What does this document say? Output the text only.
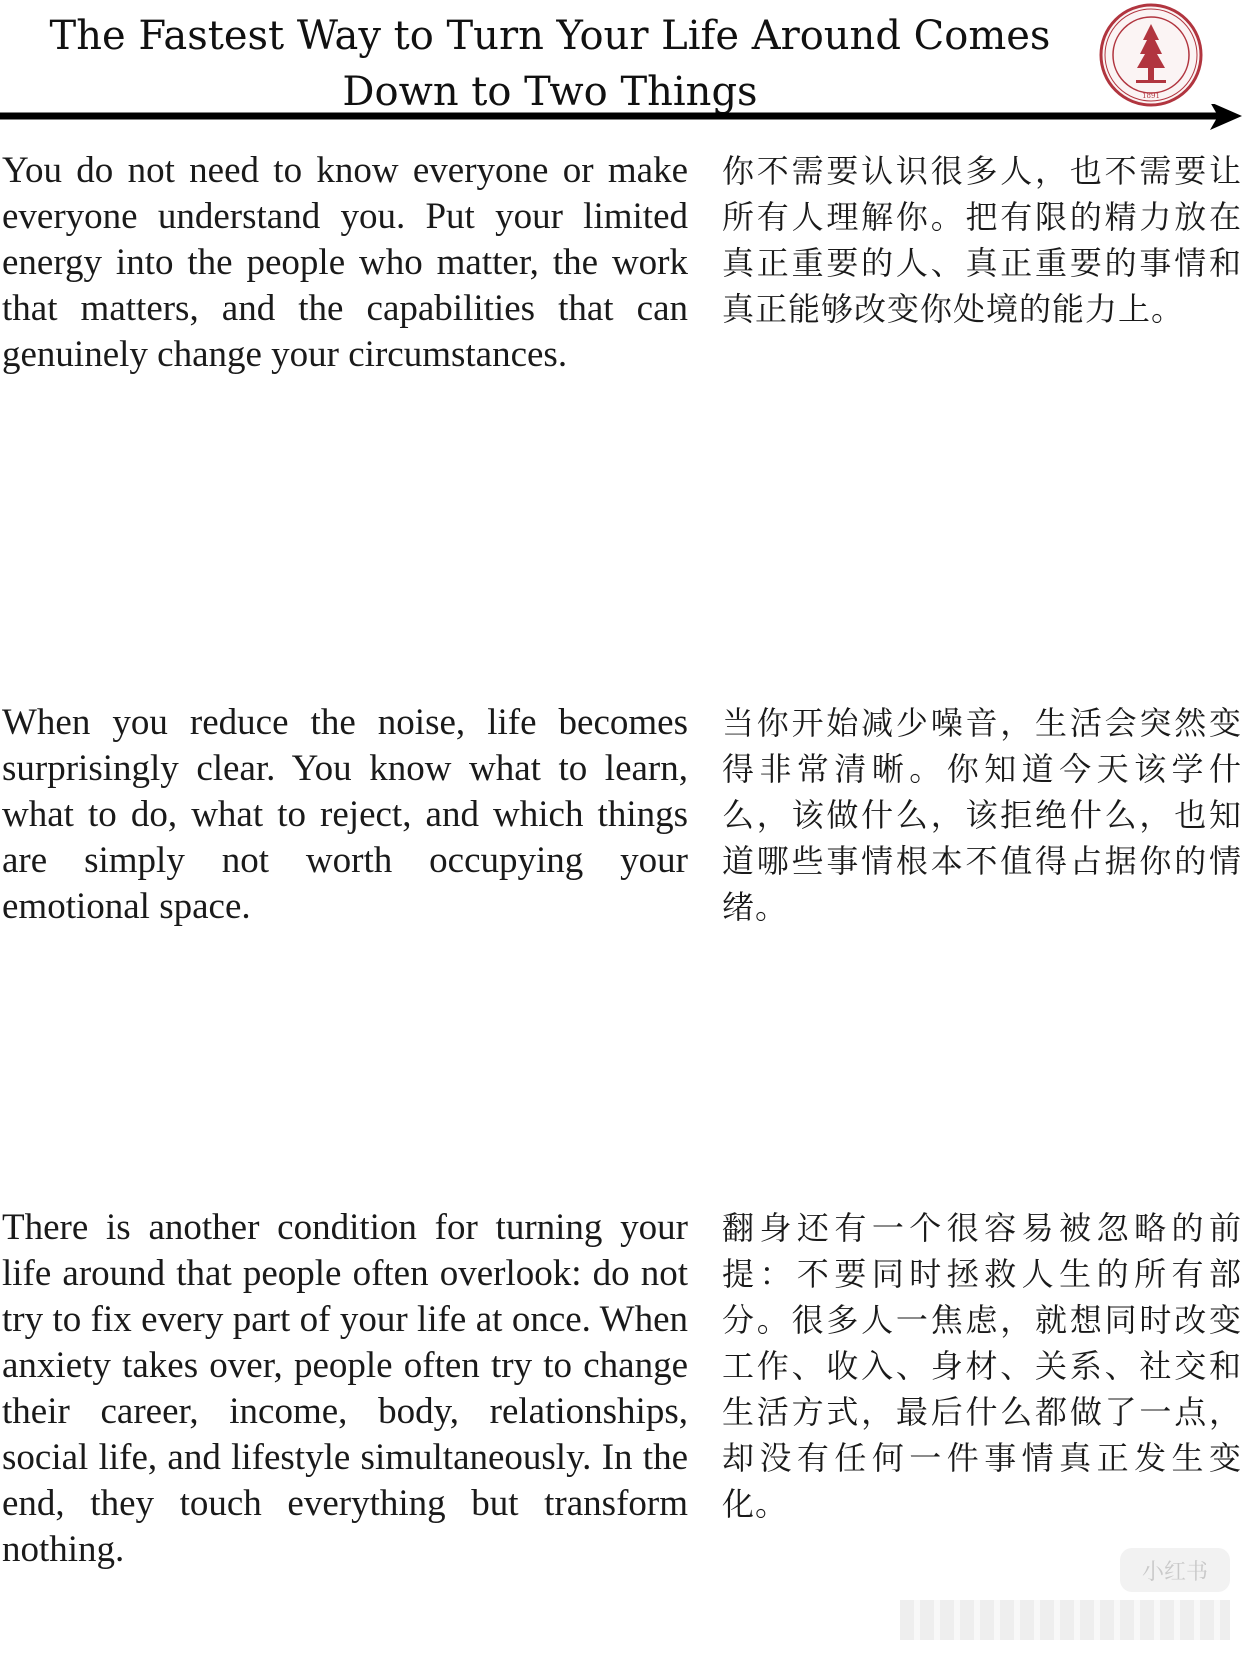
The Fastest Way to Turn Your Life Around Comes Down to Two Things	1891

You do not need to know everyone or make everyone understand you. Put your limited energy into the people who matter, the work that matters, and the capabilities that can genuinely change your circumstances.

你不需要认识很多人，也不需要让所有人理解你。把有限的精力放在真正重要的人、真正重要的事情和真正能够改变你处境的能力上。

When you reduce the noise, life becomes surprisingly clear. You know what to learn, what to do, what to reject, and which things are simply not worth occupying your emotional space.

当你开始减少噪音，生活会突然变得非常清晰。你知道今天该学什么，该做什么，该拒绝什么，也知道哪些事情根本不值得占据你的情绪。

There is another condition for turning your life around that people often overlook: do not try to fix every part of your life at once. When anxiety takes over, people often try to change their career, income, body, relationships, social life, and lifestyle simultaneously. In the end, they touch everything but transform nothing.

翻身还有一个很容易被忽略的前提：不要同时拯救人生的所有部分。很多人一焦虑，就想同时改变工作、收入、身材、关系、社交和生活方式，最后什么都做了一点，却没有任何一件事情真正发生变化。

小红书
